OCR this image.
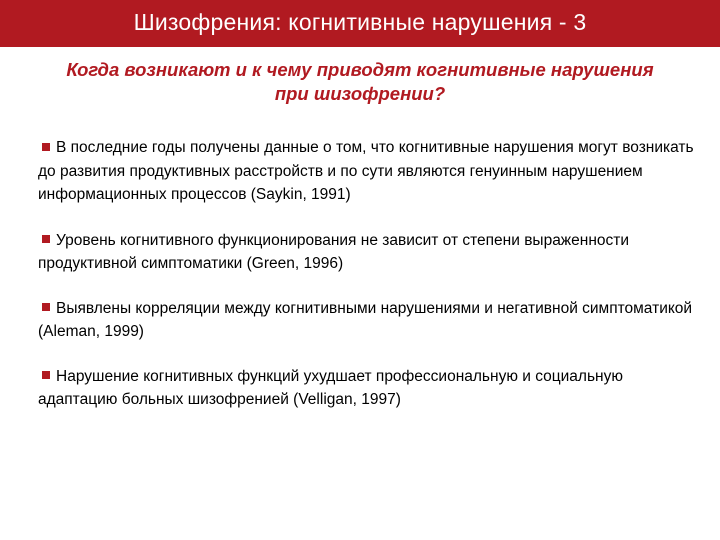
Шизофрения: когнитивные нарушения - 3
Когда возникают и к чему приводят когнитивные нарушения при шизофрении?
В последние годы получены данные о том, что когнитивные нарушения могут возникать до развития продуктивных расстройств и по сути являются генуинным нарушением информационных процессов (Saykin, 1991)
Уровень когнитивного функционирования не зависит от степени выраженности продуктивной симптоматики (Green, 1996)
Выявлены корреляции между когнитивными нарушениями и негативной симптоматикой (Aleman, 1999)
Нарушение когнитивных функций ухудшает профессиональную и социальную адаптацию больных шизофренией (Velligan, 1997)
